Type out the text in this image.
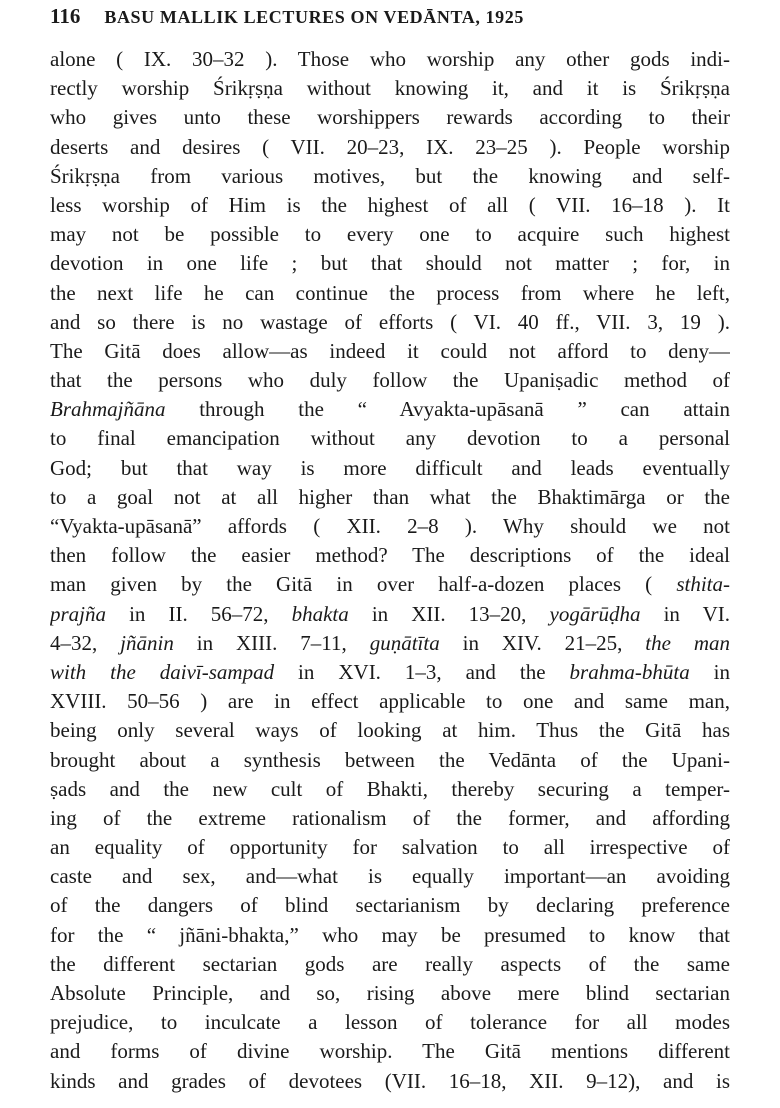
116 BASU MALLIK LECTURES ON VEDĀNTA, 1925
alone ( IX. 30–32 ). Those who worship any other gods indi-
rectly worship Śrikṛṣṇa without knowing it, and it is Śrikṛṣṇa
who gives unto these worshippers rewards according to their
deserts and desires ( VII. 20–23, IX. 23–25 ). People worship
Śrikṛṣṇa from various motives, but the knowing and self-
less worship of Him is the highest of all ( VII. 16–18 ). It
may not be possible to every one to acquire such highest
devotion in one life ; but that should not matter ; for, in
the next life he can continue the process from where he left,
and so there is no wastage of efforts ( VI. 40 ff., VII. 3, 19 ).
The Gitā does allow—as indeed it could not afford to deny—
that the persons who duly follow the Upaniṣadic method of
Brahmajñāna through the “ Avyakta-upāsanā ” can attain
to final emancipation without any devotion to a personal
God; but that way is more difficult and leads eventually
to a goal not at all higher than what the Bhaktimārga or the
“Vyakta-upāsanā” affords ( XII. 2–8 ). Why should we not
then follow the easier method? The descriptions of the ideal
man given by the Gitā in over half-a-dozen places ( sthita-
prajña in II. 56–72, bhakta in XII. 13–20, yogārūḍha in VI.
4–32, jñānin in XIII. 7–11, guṇātīta in XIV. 21–25, the man
with the daivī-sampad in XVI. 1–3, and the brahma-bhūta in
XVIII. 50–56 ) are in effect applicable to one and same man,
being only several ways of looking at him. Thus the Gitā has
brought about a synthesis between the Vedānta of the Upani-
ṣads and the new cult of Bhakti, thereby securing a temper-
ing of the extreme rationalism of the former, and affording
an equality of opportunity for salvation to all irrespective of
caste and sex, and—what is equally important—an avoiding
of the dangers of blind sectarianism by declaring preference
for the “ jñāni-bhakta,” who may be presumed to know that
the different sectarian gods are really aspects of the same
Absolute Principle, and so, rising above mere blind sectarian
prejudice, to inculcate a lesson of tolerance for all modes
and forms of divine worship. The Gitā mentions different
kinds and grades of devotees (VII. 16–18, XII. 9–12), and is
